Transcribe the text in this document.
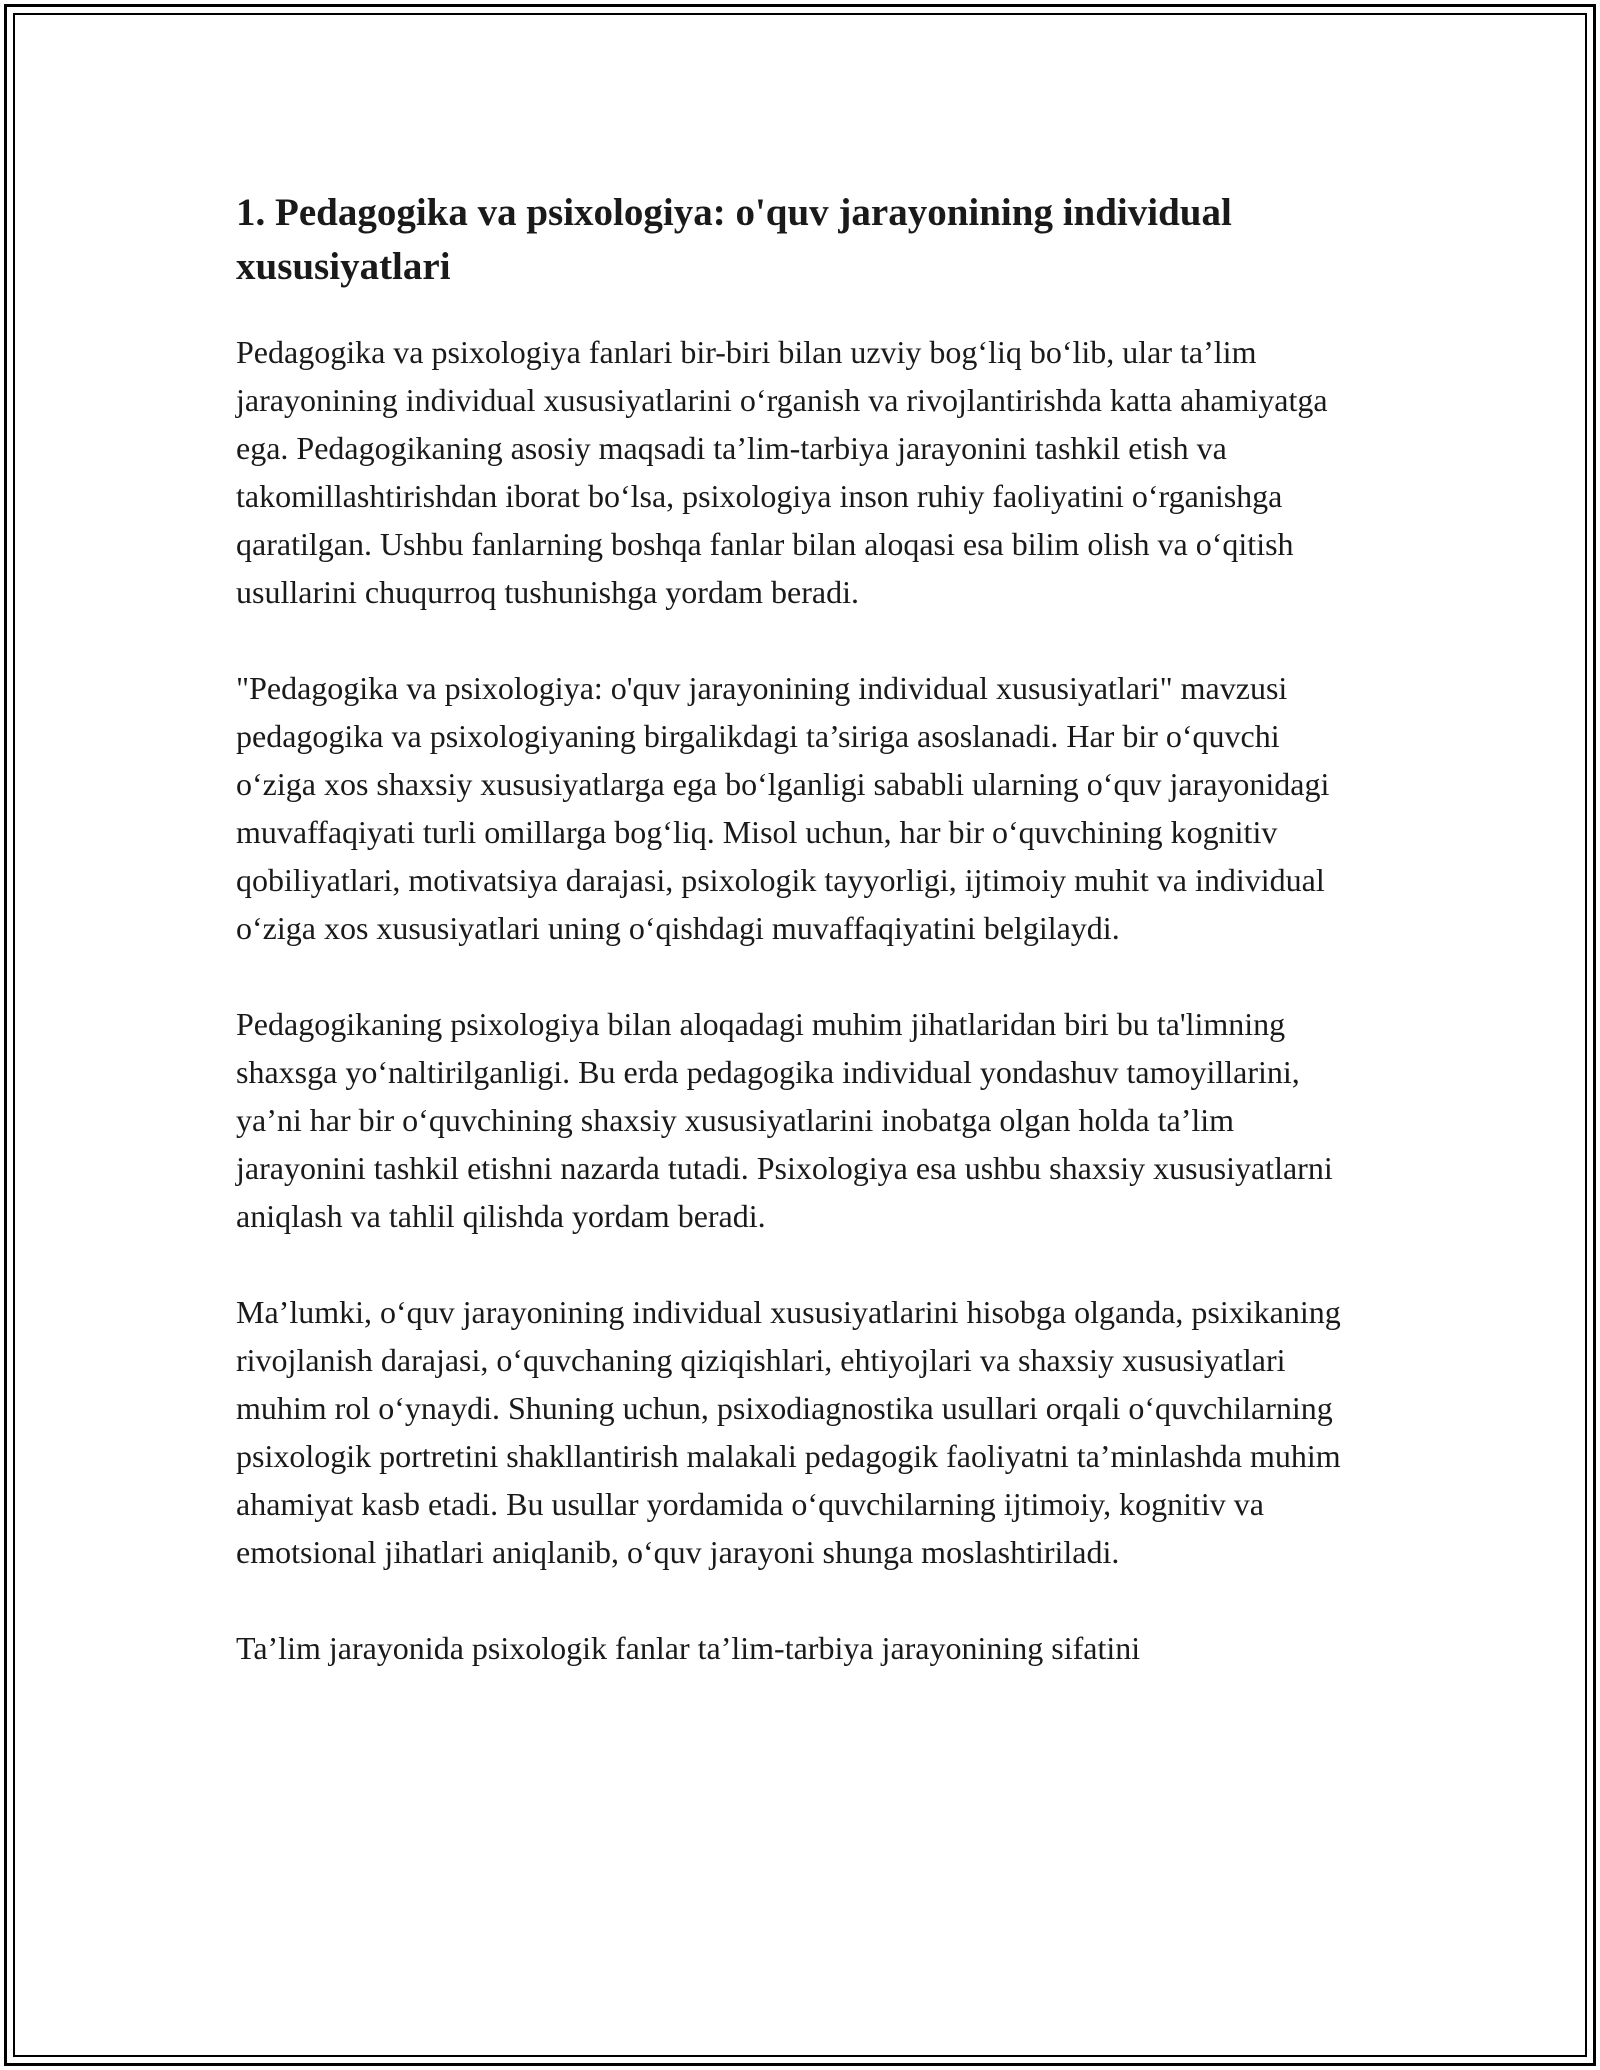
1. Pedagogika va psixologiya: o'quv jarayonining individual xususiyatlari

Pedagogika va psixologiya fanlari bir-biri bilan uzviy bog‘liq bo‘lib, ular ta’lim jarayonining individual xususiyatlarini o‘rganish va rivojlantirishda katta ahamiyatga ega. Pedagogikaning asosiy maqsadi ta’lim-tarbiya jarayonini tashkil etish va takomillashtirishdan iborat bo‘lsa, psixologiya inson ruhiy faoliyatini o‘rganishga qaratilgan. Ushbu fanlarning boshqa fanlar bilan aloqasi esa bilim olish va o‘qitish usullarini chuqurroq tushunishga yordam beradi.

"Pedagogika va psixologiya: o'quv jarayonining individual xususiyatlari" mavzusi pedagogika va psixologiyaning birgalikdagi ta’siriga asoslanadi. Har bir o‘quvchi o‘ziga xos shaxsiy xususiyatlarga ega bo‘lganligi sababli ularning o‘quv jarayonidagi muvaffaqiyati turli omillarga bog‘liq. Misol uchun, har bir o‘quvchining kognitiv qobiliyatlari, motivatsiya darajasi, psixologik tayyorligi, ijtimoiy muhit va individual o‘ziga xos xususiyatlari uning o‘qishdagi muvaffaqiyatini belgilaydi.

Pedagogikaning psixologiya bilan aloqadagi muhim jihatlaridan biri bu ta'limning shaxsga yo‘naltirilganligi. Bu erda pedagogika individual yondashuv tamoyillarini, ya’ni har bir o‘quvchining shaxsiy xususiyatlarini inobatga olgan holda ta’lim jarayonini tashkil etishni nazarda tutadi. Psixologiya esa ushbu shaxsiy xususiyatlarni aniqlash va tahlil qilishda yordam beradi.

Ma’lumki, o‘quv jarayonining individual xususiyatlarini hisobga olganda, psixikaning rivojlanish darajasi, o‘quvchaning qiziqishlari, ehtiyojlari va shaxsiy xususiyatlari muhim rol o‘ynaydi. Shuning uchun, psixodiagnostika usullari orqali o‘quvchilarning psixologik portretini shakllantirish malakali pedagogik faoliyatni ta’minlashda muhim ahamiyat kasb etadi. Bu usullar yordamida o‘quvchilarning ijtimoiy, kognitiv va emotsional jihatlari aniqlanib, o‘quv jarayoni shunga moslashtiriladi.

Ta’lim jarayonida psixologik fanlar ta’lim-tarbiya jarayonining sifatini
